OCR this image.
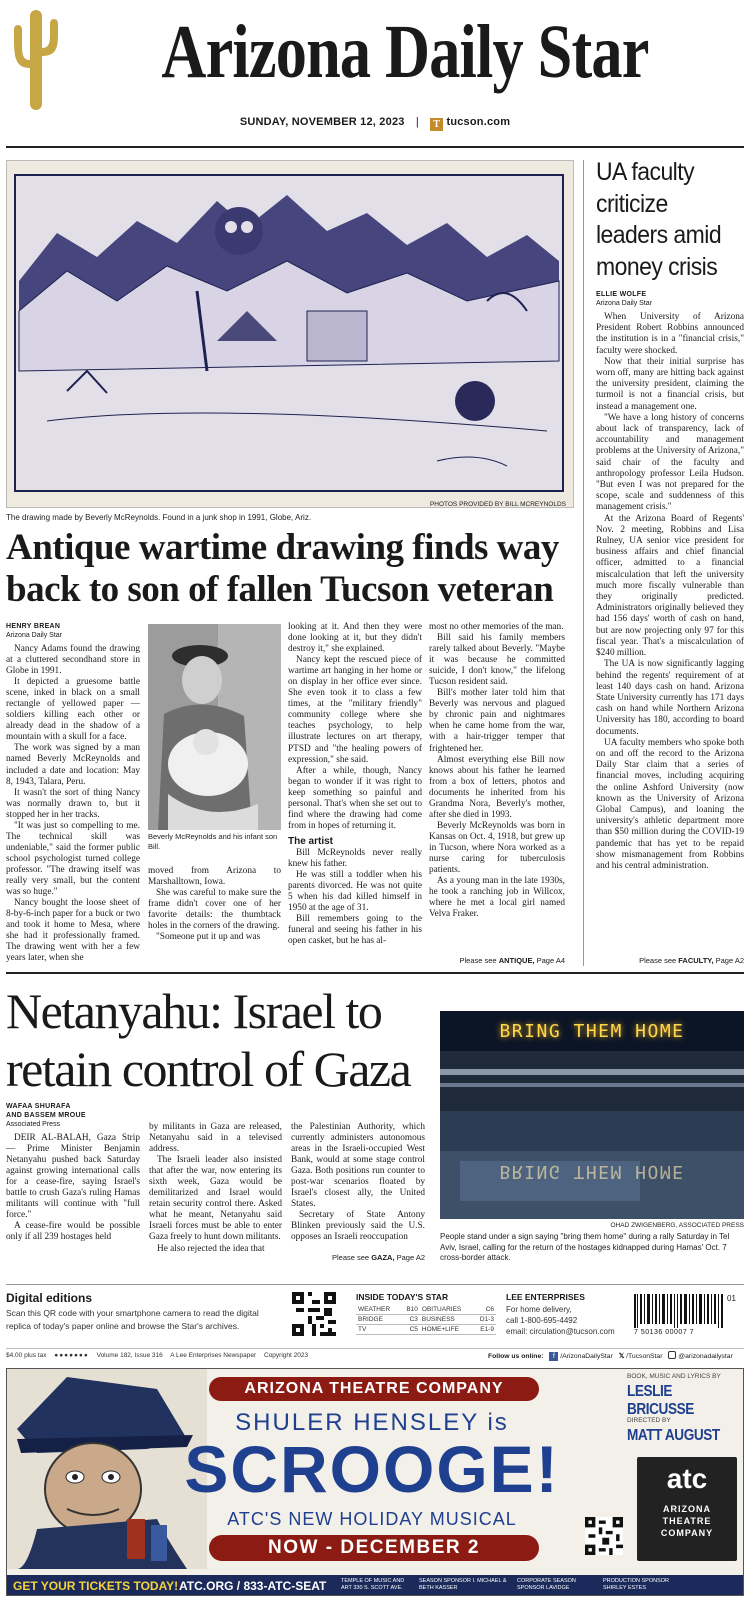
Arizona Daily Star
SUNDAY, NOVEMBER 12, 2023 | T tucson.com
PHOTOS PROVIDED BY BILL MCREYNOLDS
The drawing made by Beverly McReynolds. Found in a junk shop in 1991, Globe, Ariz.
Antique wartime drawing finds way back to son of fallen Tucson veteran
HENRY BREAN
Arizona Daily Star

Nancy Adams found the drawing at a cluttered secondhand store in Globe in 1991.

It depicted a gruesome battle scene, inked in black on a small rectangle of yellowed paper — soldiers killing each other or already dead in the shadow of a mountain with a skull for a face.

The work was signed by a man named Beverly McReynolds and included a date and location: May 8, 1943, Talara, Peru.

It wasn't the sort of thing Nancy was normally drawn to, but it stopped her in her tracks.

"It was just so compelling to me. The technical skill was undeniable," said the former public school psychologist turned college professor. "The drawing itself was really very small, but the content was so huge."

Nancy bought the loose sheet of 8-by-6-inch paper for a buck or two and took it home to Mesa, where she had it professionally framed. The drawing went with her a few years later, when she

Beverly McReynolds and his infant son Bill.

moved from Arizona to Marshalltown, Iowa.

She was careful to make sure the frame didn't cover one of her favorite details: the thumbtack holes in the corners of the drawing.

"Someone put it up and was

looking at it. And then they were done looking at it, but they didn't destroy it," she explained.

Nancy kept the rescued piece of wartime art hanging in her home or on display in her office ever since. She even took it to class a few times, at the "military friendly" community college where she teaches psychology, to help illustrate lectures on art therapy, PTSD and "the healing powers of expression," she said.

After a while, though, Nancy began to wonder if it was right to keep something so painful and personal. That's when she set out to find where the drawing had come from in hopes of returning it.

The artist

Bill McReynolds never really knew his father.

He was still a toddler when his parents divorced. He was not quite 5 when his dad killed himself in 1950 at the age of 31.

Bill remembers going to the funeral and seeing his father in his open casket, but he has al-

most no other memories of the man.

Bill said his family members rarely talked about Beverly. "Maybe it was because he committed suicide, I don't know," the lifelong Tucson resident said.

Bill's mother later told him that Beverly was nervous and plagued by chronic pain and nightmares when he came home from the war, with a hair-trigger temper that frightened her.

Almost everything else Bill now knows about his father he learned from a box of letters, photos and documents he inherited from his Grandma Nora, Beverly's mother, after she died in 1993.

Beverly McReynolds was born in Kansas on Oct. 4, 1918, but grew up in Tucson, where Nora worked as a nurse caring for tuberculosis patients.

As a young man in the late 1930s, he took a ranching job in Willcox, where he met a local girl named Velva Fraker.

Please see ANTIQUE, Page A4
UA faculty criticize leaders amid money crisis
ELLIE WOLFE
Arizona Daily Star

When University of Arizona President Robert Robbins announced the institution is in a "financial crisis," faculty were shocked.

Now that their initial surprise has worn off, many are hitting back against the university president, claiming the turmoil is not a financial crisis, but instead a management one.

"We have a long history of concerns about lack of transparency, lack of accountability and management problems at the University of Arizona," said chair of the faculty and anthropology professor Leila Hudson. "But even I was not prepared for the scope, scale and suddenness of this management crisis."

At the Arizona Board of Regents' Nov. 2 meeting, Robbins and Lisa Rulney, UA senior vice president for business affairs and chief financial officer, admitted to a financial miscalculation that left the university much more fiscally vulnerable than they originally predicted. Administrators originally believed they had 156 days' worth of cash on hand, but are now projecting only 97 for this fiscal year. That's a miscalculation of $240 million.

The UA is now significantly lagging behind the regents' requirement of at least 140 days cash on hand. Arizona State University currently has 171 days cash on hand while Northern Arizona University has 180, according to board documents.

UA faculty members who spoke both on and off the record to the Arizona Daily Star claim that a series of financial moves, including acquiring the online Ashford University (now known as the University of Arizona Global Campus), and loaning the university's athletic department more than $50 million during the COVID-19 pandemic that has yet to be repaid show mismanagement from Robbins and his central administration.

Please see FACULTY, Page A2
Netanyahu: Israel to retain control of Gaza
WAFAA SHURAFA
AND BASSEM MROUE
Associated Press

DEIR AL-BALAH, Gaza Strip — Prime Minister Benjamin Netanyahu pushed back Saturday against growing international calls for a cease-fire, saying Israel's battle to crush Gaza's ruling Hamas militants will continue with "full force."

A cease-fire would be possible only if all 239 hostages held

by militants in Gaza are released, Netanyahu said in a televised address.

The Israeli leader also insisted that after the war, now entering its sixth week, Gaza would be demilitarized and Israel would retain security control there. Asked what he meant, Netanyahu said Israeli forces must be able to enter Gaza freely to hunt down militants.

He also rejected the idea that

the Palestinian Authority, which currently administers autonomous areas in the Israeli-occupied West Bank, would at some stage control Gaza. Both positions run counter to post-war scenarios floated by Israel's closest ally, the United States.

Secretary of State Antony Blinken previously said the U.S. opposes an Israeli reoccupation

Please see GAZA, Page A2
BRING THEM HOME
BRING THEM HOME
OHAD ZWIGENBERG, ASSOCIATED PRESS
People stand under a sign saying "bring them home" during a rally Saturday in Tel Aviv, Israel, calling for the return of the hostages kidnapped during Hamas' Oct. 7 cross-border attack.
Digital editions
Scan this QR code with your smartphone camera to read the digital replica of today's paper online and browse the Star's archives.
INSIDE TODAY'S STAR
WEATHER	B10	OBITUARIES	C6
BRIDGE	C3	BUSINESS	D1-3
TV	C5	HOME+LIFE	E1-9
LEE ENTERPRISES
For home delivery,
call 1-800-695-4492
email: circulation@tucson.com
01
7 50136 00007 7
$4.00 plus tax ●●●●●●● Volume 182, Issue 316 A Lee Enterprises Newspaper Copyright 2023	Follow us online: f /ArizonaDailyStar 𝕏 /TucsonStar @arizonadailystar
ARIZONA THEATRE COMPANY
SHULER HENSLEY is
SCROOGE!
ATC'S NEW HOLIDAY MUSICAL
NOW - DECEMBER 2
BOOK, MUSIC AND LYRICS BY
LESLIE BRICUSSE
DIRECTED BY
MATT AUGUST
atc
ARIZONA THEATRE COMPANY
GET YOUR TICKETS TODAY! ATC.ORG / 833-ATC-SEAT	TEMPLE OF MUSIC AND ART 330 S. SCOTT AVE.
SEASON SPONSOR I. MICHAEL & BETH KASSER
CORPORATE SEASON SPONSOR LAVIDGE
PRODUCTION SPONSOR SHIRLEY ESTES
